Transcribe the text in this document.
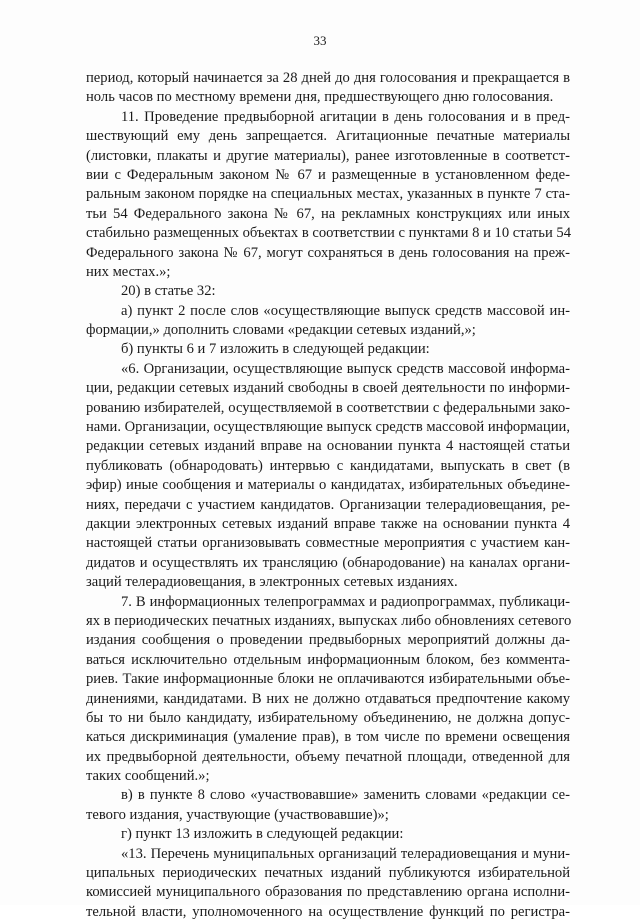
33
период, который начинается за 28 дней до дня голосования и прекращается в
ноль часов по местному времени дня, предшествующего дню голосования.
11. Проведение предвыборной агитации в день голосования и в пред-
шествующий ему день запрещается. Агитационные печатные материалы
(листовки, плакаты и другие материалы), ранее изготовленные в соответст-
вии с Федеральным законом № 67 и размещенные в установленном феде-
ральным законом порядке на специальных местах, указанных в пункте 7 ста-
тьи 54 Федерального закона № 67, на рекламных конструкциях или иных
стабильно размещенных объектах в соответствии с пунктами 8 и 10 статьи 54
Федерального закона № 67, могут сохраняться в день голосования на преж-
них местах.»;
20) в статье 32:
а) пункт 2 после слов «осуществляющие выпуск средств массовой ин-
формации,» дополнить словами «редакции сетевых изданий,»;
б) пункты 6 и 7 изложить в следующей редакции:
«6. Организации, осуществляющие выпуск средств массовой информа-
ции, редакции сетевых изданий свободны в своей деятельности по информи-
рованию избирателей, осуществляемой в соответствии с федеральными зако-
нами. Организации, осуществляющие выпуск средств массовой информации,
редакции сетевых изданий вправе на основании пункта 4 настоящей статьи
публиковать (обнародовать) интервью с кандидатами, выпускать в свет (в
эфир) иные сообщения и материалы о кандидатах, избирательных объедине-
ниях, передачи с участием кандидатов. Организации телерадиовещания, ре-
дакции электронных сетевых изданий вправе также на основании пункта 4
настоящей статьи организовывать совместные мероприятия с участием кан-
дидатов и осуществлять их трансляцию (обнародование) на каналах органи-
заций телерадиовещания, в электронных сетевых изданиях.
7. В информационных телепрограммах и радиопрограммах, публикаци-
ях в периодических печатных изданиях, выпусках либо обновлениях сетевого
издания сообщения о проведении предвыборных мероприятий должны да-
ваться исключительно отдельным информационным блоком, без коммента-
риев. Такие информационные блоки не оплачиваются избирательными объе-
динениями, кандидатами. В них не должно отдаваться предпочтение какому
бы то ни было кандидату, избирательному объединению, не должна допус-
каться дискриминация (умаление прав), в том числе по времени освещения
их предвыборной деятельности, объему печатной площади, отведенной для
таких сообщений.»;
в) в пункте 8 слово «участвовавшие» заменить словами «редакции се-
тевого издания, участвующие (участвовавшие)»;
г) пункт 13 изложить в следующей редакции:
«13. Перечень муниципальных организаций телерадиовещания и муни-
ципальных периодических печатных изданий публикуются избирательной
комиссией муниципального образования по представлению органа исполни-
тельной власти, уполномоченного на осуществление функций по регистра-
